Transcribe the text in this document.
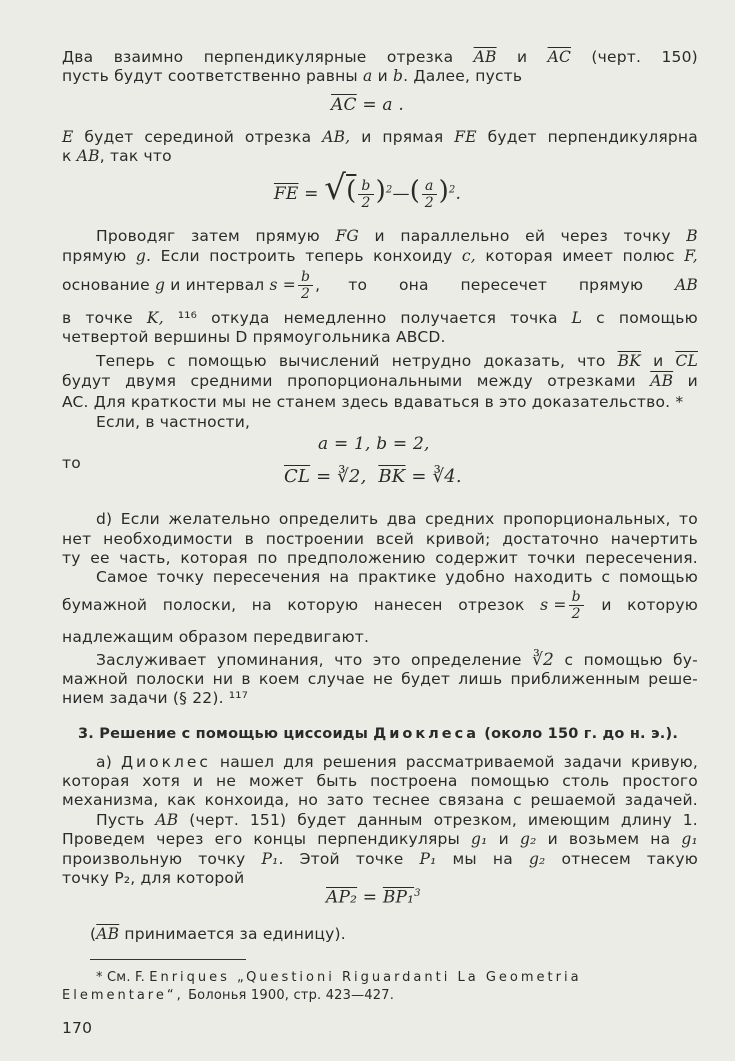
Два взаимно перпендикулярные отрезка $\overline{AB}$ и $\overline{AC}$ (черт. 150)
пусть будут соответственно равны a и b. Далее, пусть
$\overline{AC} = a$ .
E будет серединой отрезка AB, и прямая FE будет перпендикулярна
к AB, так что
$\overline{FE}$ = √( $\frac{b}{2}$ )$^2$—( $\frac{a}{2} )^2$.
Проводяг затем прямую FG и параллельно ей через точку B
прямую g. Если построить теперь конхоиду c, которая имеет полюс F,
основание
g
и интервал
$s = \frac{b}{2}$ , то она пересечет прямую AB
в точке K, ¹¹⁶ откуда немедленно получается точка L с помощью
четвертой вершины D прямоугольника ABCD.
Теперь с помощью вычислений нетрудно доказать, что $\overline{BK}$ и $\overline{CL}$
будут двумя средними пропорциональными между отрезками $\overline{AB}$ и
AC. Для краткости мы не станем здесь вдаваться в это доказательство. *
Если, в частности,
a = 1, b = 2,
то
$\overline{CL}$ = ∛2, $\overline{BK}$ = ∛4.
d) Если желательно определить два средних пропорциональных, то
нет необходимости в построении всей кривой; достаточно начертить
ту ее часть, которая по предположению содержит точки пересечения.
Самое точку пересечения на практике удобно находить с помощью
бумажной полоски, на которую нанесен отрезок $s = \frac{b}{2}$ и которую
надлежащим образом передвигают.
Заслуживает упоминания, что это определение ∛2 с помощью бу-
мажной полоски ни в коем случае не будет лишь приближенным реше-
нием задачи (§ 22). ¹¹⁷
3. Решение с помощью циссоиды Диоклеса (около 150 г. до н. э.).
a) Диоклес нашел для решения рассматриваемой задачи кривую,
которая хотя и не может быть построена помощью столь простого
механизма, как конхоида, но зато теснее связана с решаемой задачей.
Пусть AB (черт. 151) будет данным отрезком, имеющим длину 1.
Проведем через его концы перпендикуляры g₁ и g₂ и возьмем на g₁
произвольную точку P₁. Этой точке P₁ мы на g₂ отнесем такую
точку P₂, для которой
AP₂ = BP₁$^3$
($\overline{AB}$ принимается за единицу).
* См. F. Enriques „Questioni Riguardanti La Geometria
Elementare“, Болонья 1900, стр. 423—427.
170
